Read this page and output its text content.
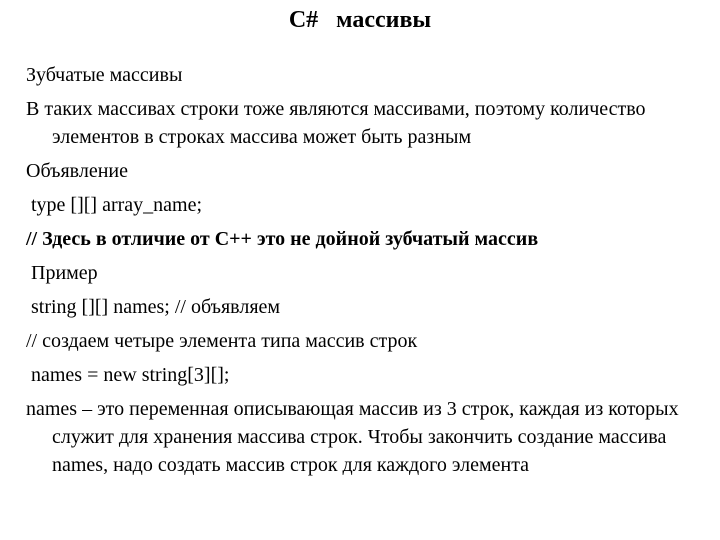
C#   массивы

Зубчатые массивы

В таких массивах строки тоже являются массивами, поэтому количество элементов в строках массива может быть разным

Объявление

type [][] array_name;

// Здесь в отличие от C++ это не дойной зубчатый массив

Пример

string [][] names; // объявляем

// создаем четыре элемента типа массив строк

names = new string[3][];

names – это переменная описывающая массив из 3 строк, каждая из которых служит для хранения массива строк. Чтобы закончить создание массива names, надо создать массив строк для каждого элемента
